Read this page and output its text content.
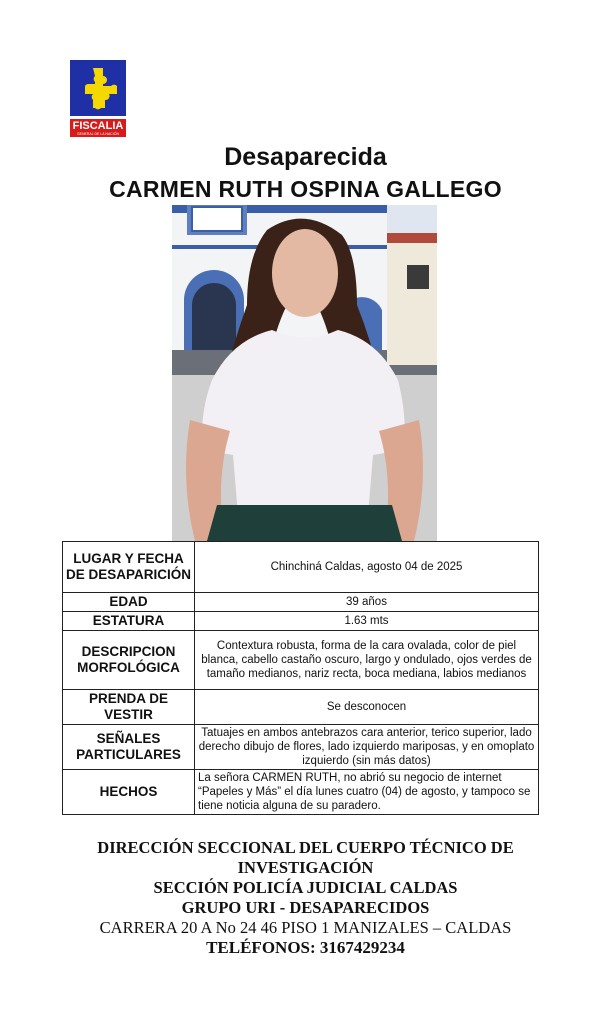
FISCALIA
GENERAL DE LA NACIÓN
Desaparecida
CARMEN RUTH OSPINA GALLEGO
LUGAR Y FECHA DE DESAPARICIÓN	Chinchiná Caldas, agosto 04 de 2025
EDAD	39 años
ESTATURA	1.63 mts
DESCRIPCION MORFOLÓGICA	Contextura robusta, forma de la cara ovalada, color de piel blanca, cabello castaño oscuro, largo y ondulado, ojos verdes de tamaño medianos, nariz recta, boca mediana, labios medianos
PRENDA DE VESTIR	Se desconocen
SEÑALES PARTICULARES	Tatuajes en ambos antebrazos cara anterior, terico superior, lado derecho dibujo de flores, lado izquierdo mariposas, y en omoplato izquierdo (sin más datos)
HECHOS	La señora CARMEN RUTH, no abrió su negocio de internet “Papeles y Más” el día lunes cuatro (04) de agosto, y tampoco se tiene noticia alguna de su paradero.
DIRECCIÓN SECCIONAL DEL CUERPO TÉCNICO DE INVESTIGACIÓN
SECCIÓN POLICÍA JUDICIAL CALDAS
GRUPO URI - DESAPARECIDOS
CARRERA 20 A No 24 46 PISO 1 MANIZALES – CALDAS
TELÉFONOS: 3167429234
